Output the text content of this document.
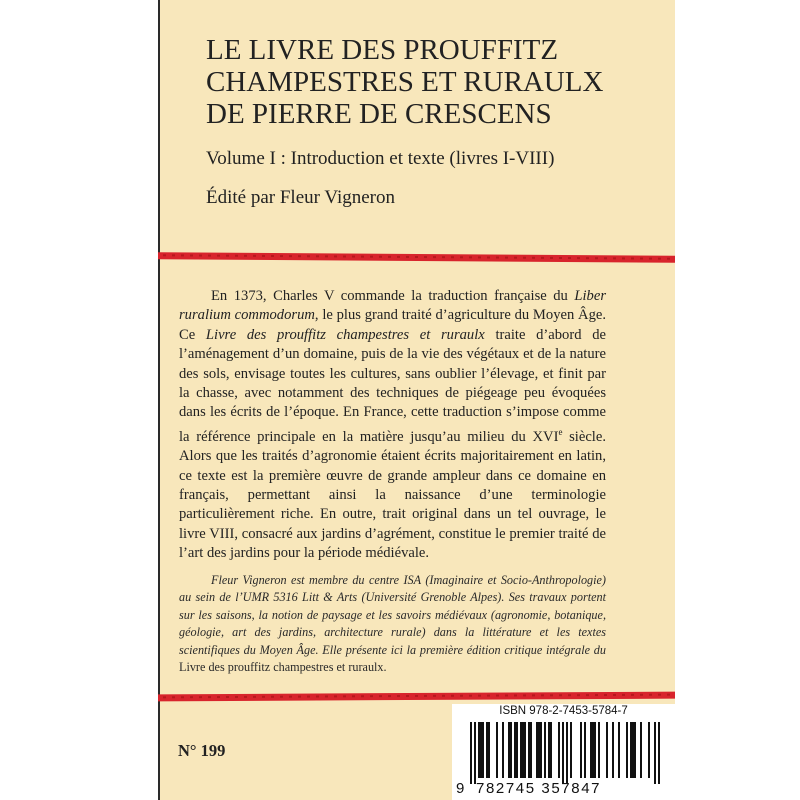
LE LIVRE DES PROUFFITZ
CHAMPESTRES ET RURAULX
DE PIERRE DE CRESCENS
Volume I : Introduction et texte (livres I-VIII)
Édité par Fleur Vigneron

En 1373, Charles V commande la traduction française du Liber ruralium commodorum, le plus grand traité d’agriculture du Moyen Âge. Ce Livre des prouffitz champestres et ruraulx traite d’abord de l’aménagement d’un domaine, puis de la vie des végétaux et de la nature des sols, envisage toutes les cultures, sans oublier l’élevage, et finit par la chasse, avec notamment des techniques de piégeage peu évoquées dans les écrits de l’époque. En France, cette traduction s’impose comme la référence principale en la matière jusqu’au milieu du XVIe siècle. Alors que les traités d’agronomie étaient écrits majoritairement en latin, ce texte est la première œuvre de grande ampleur dans ce domaine en français, permettant ainsi la naissance d’une terminologie particulièrement riche. En outre, trait original dans un tel ouvrage, le livre VIII, consacré aux jardins d’agrément, constitue le premier traité de l’art des jardins pour la période médiévale.

Fleur Vigneron est membre du centre ISA (Imaginaire et Socio-Anthropologie) au sein de l’UMR 5316 Litt & Arts (Université Grenoble Alpes). Ses travaux portent sur les saisons, la notion de paysage et les savoirs médiévaux (agronomie, botanique, géologie, art des jardins, architecture rurale) dans la littérature et les textes scientifiques du Moyen Âge. Elle présente ici la première édition critique intégrale du Livre des prouffitz champestres et ruraulx.

N° 199
ISBN 978-2-7453-5784-7
9 782745 357847
